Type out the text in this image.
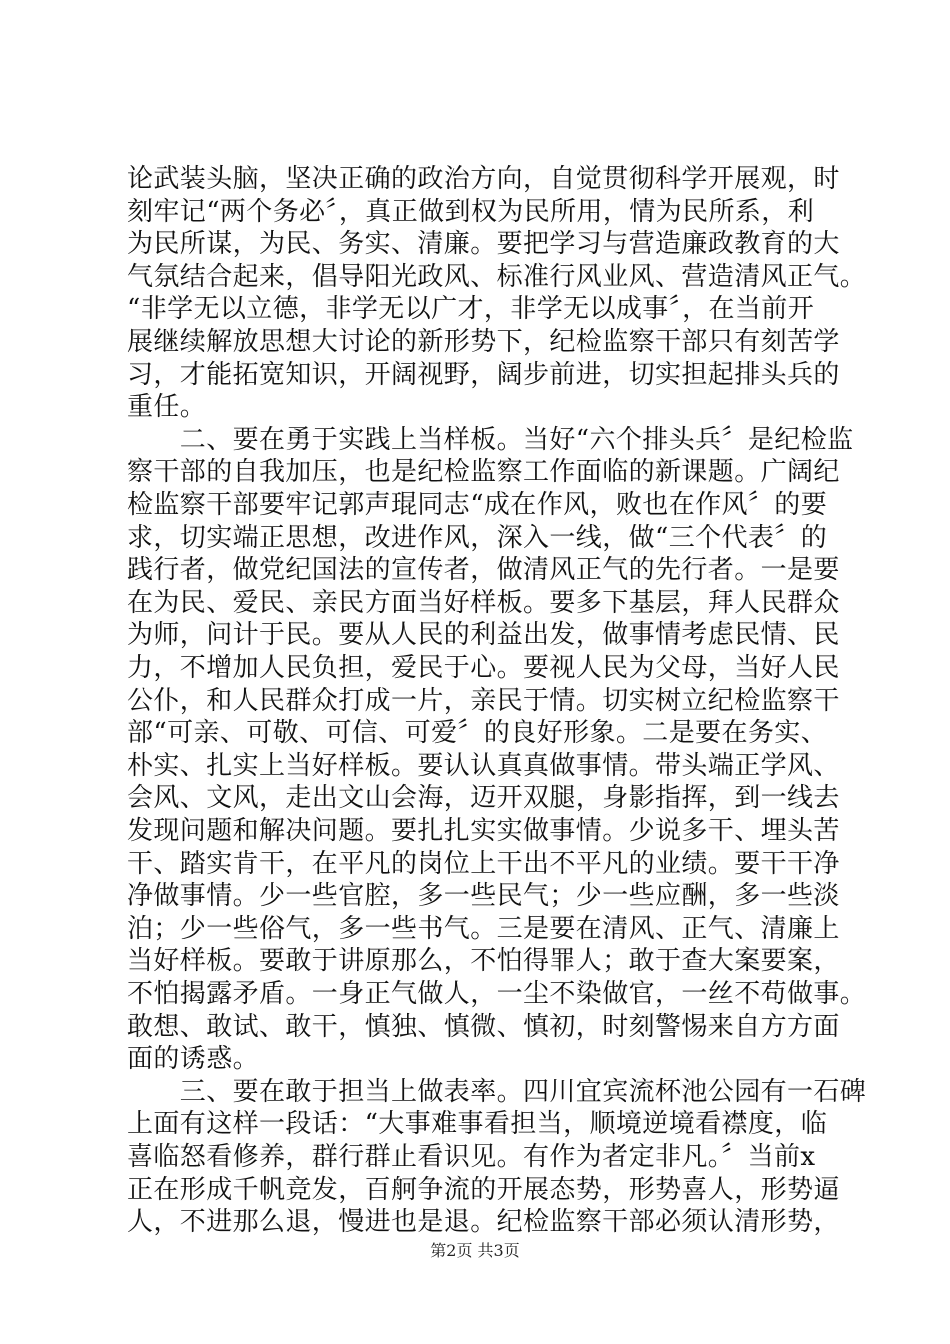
论武装头脑，坚决正确的政治方向，自觉贯彻科学开展观，时
刻牢记“两个务必〞，真正做到权为民所用，情为民所系，利
为民所谋，为民、务实、清廉。要把学习与营造廉政教育的大
气氛结合起来，倡导阳光政风、标准行风业风、营造清风正气。
“非学无以立德，非学无以广才，非学无以成事〞，在当前开
展继续解放思想大讨论的新形势下，纪检监察干部只有刻苦学
习，才能拓宽知识，开阔视野，阔步前进，切实担起排头兵的
重任。
　　二、要在勇于实践上当样板。当好“六个排头兵〞是纪检监
察干部的自我加压，也是纪检监察工作面临的新课题。广阔纪
检监察干部要牢记郭声琨同志“成在作风，败也在作风〞的要
求，切实端正思想，改进作风，深入一线，做“三个代表〞的
践行者，做党纪国法的宣传者，做清风正气的先行者。一是要
在为民、爱民、亲民方面当好样板。要多下基层，拜人民群众
为师，问计于民。要从人民的利益出发，做事情考虑民情、民
力，不增加人民负担，爱民于心。要视人民为父母，当好人民
公仆，和人民群众打成一片，亲民于情。切实树立纪检监察干
部“可亲、可敬、可信、可爱〞的良好形象。二是要在务实、
朴实、扎实上当好样板。要认认真真做事情。带头端正学风、
会风、文风，走出文山会海，迈开双腿，身影指挥，到一线去
发现问题和解决问题。要扎扎实实做事情。少说多干、埋头苦
干、踏实肯干，在平凡的岗位上干出不平凡的业绩。要干干净
净做事情。少一些官腔，多一些民气；少一些应酬，多一些淡
泊；少一些俗气，多一些书气。三是要在清风、正气、清廉上
当好样板。要敢于讲原那么，不怕得罪人；敢于查大案要案，
不怕揭露矛盾。一身正气做人，一尘不染做官，一丝不苟做事。
敢想、敢试、敢干，慎独、慎微、慎初，时刻警惕来自方方面
面的诱惑。
　　三、要在敢于担当上做表率。四川宜宾流杯池公园有一石碑
上面有这样一段话：“大事难事看担当，顺境逆境看襟度，临
喜临怒看修养，群行群止看识见。有作为者定非凡。〞当前x
正在形成千帆竞发，百舸争流的开展态势，形势喜人，形势逼
人，不进那么退，慢进也是退。纪检监察干部必须认清形势，
第2页 共3页
